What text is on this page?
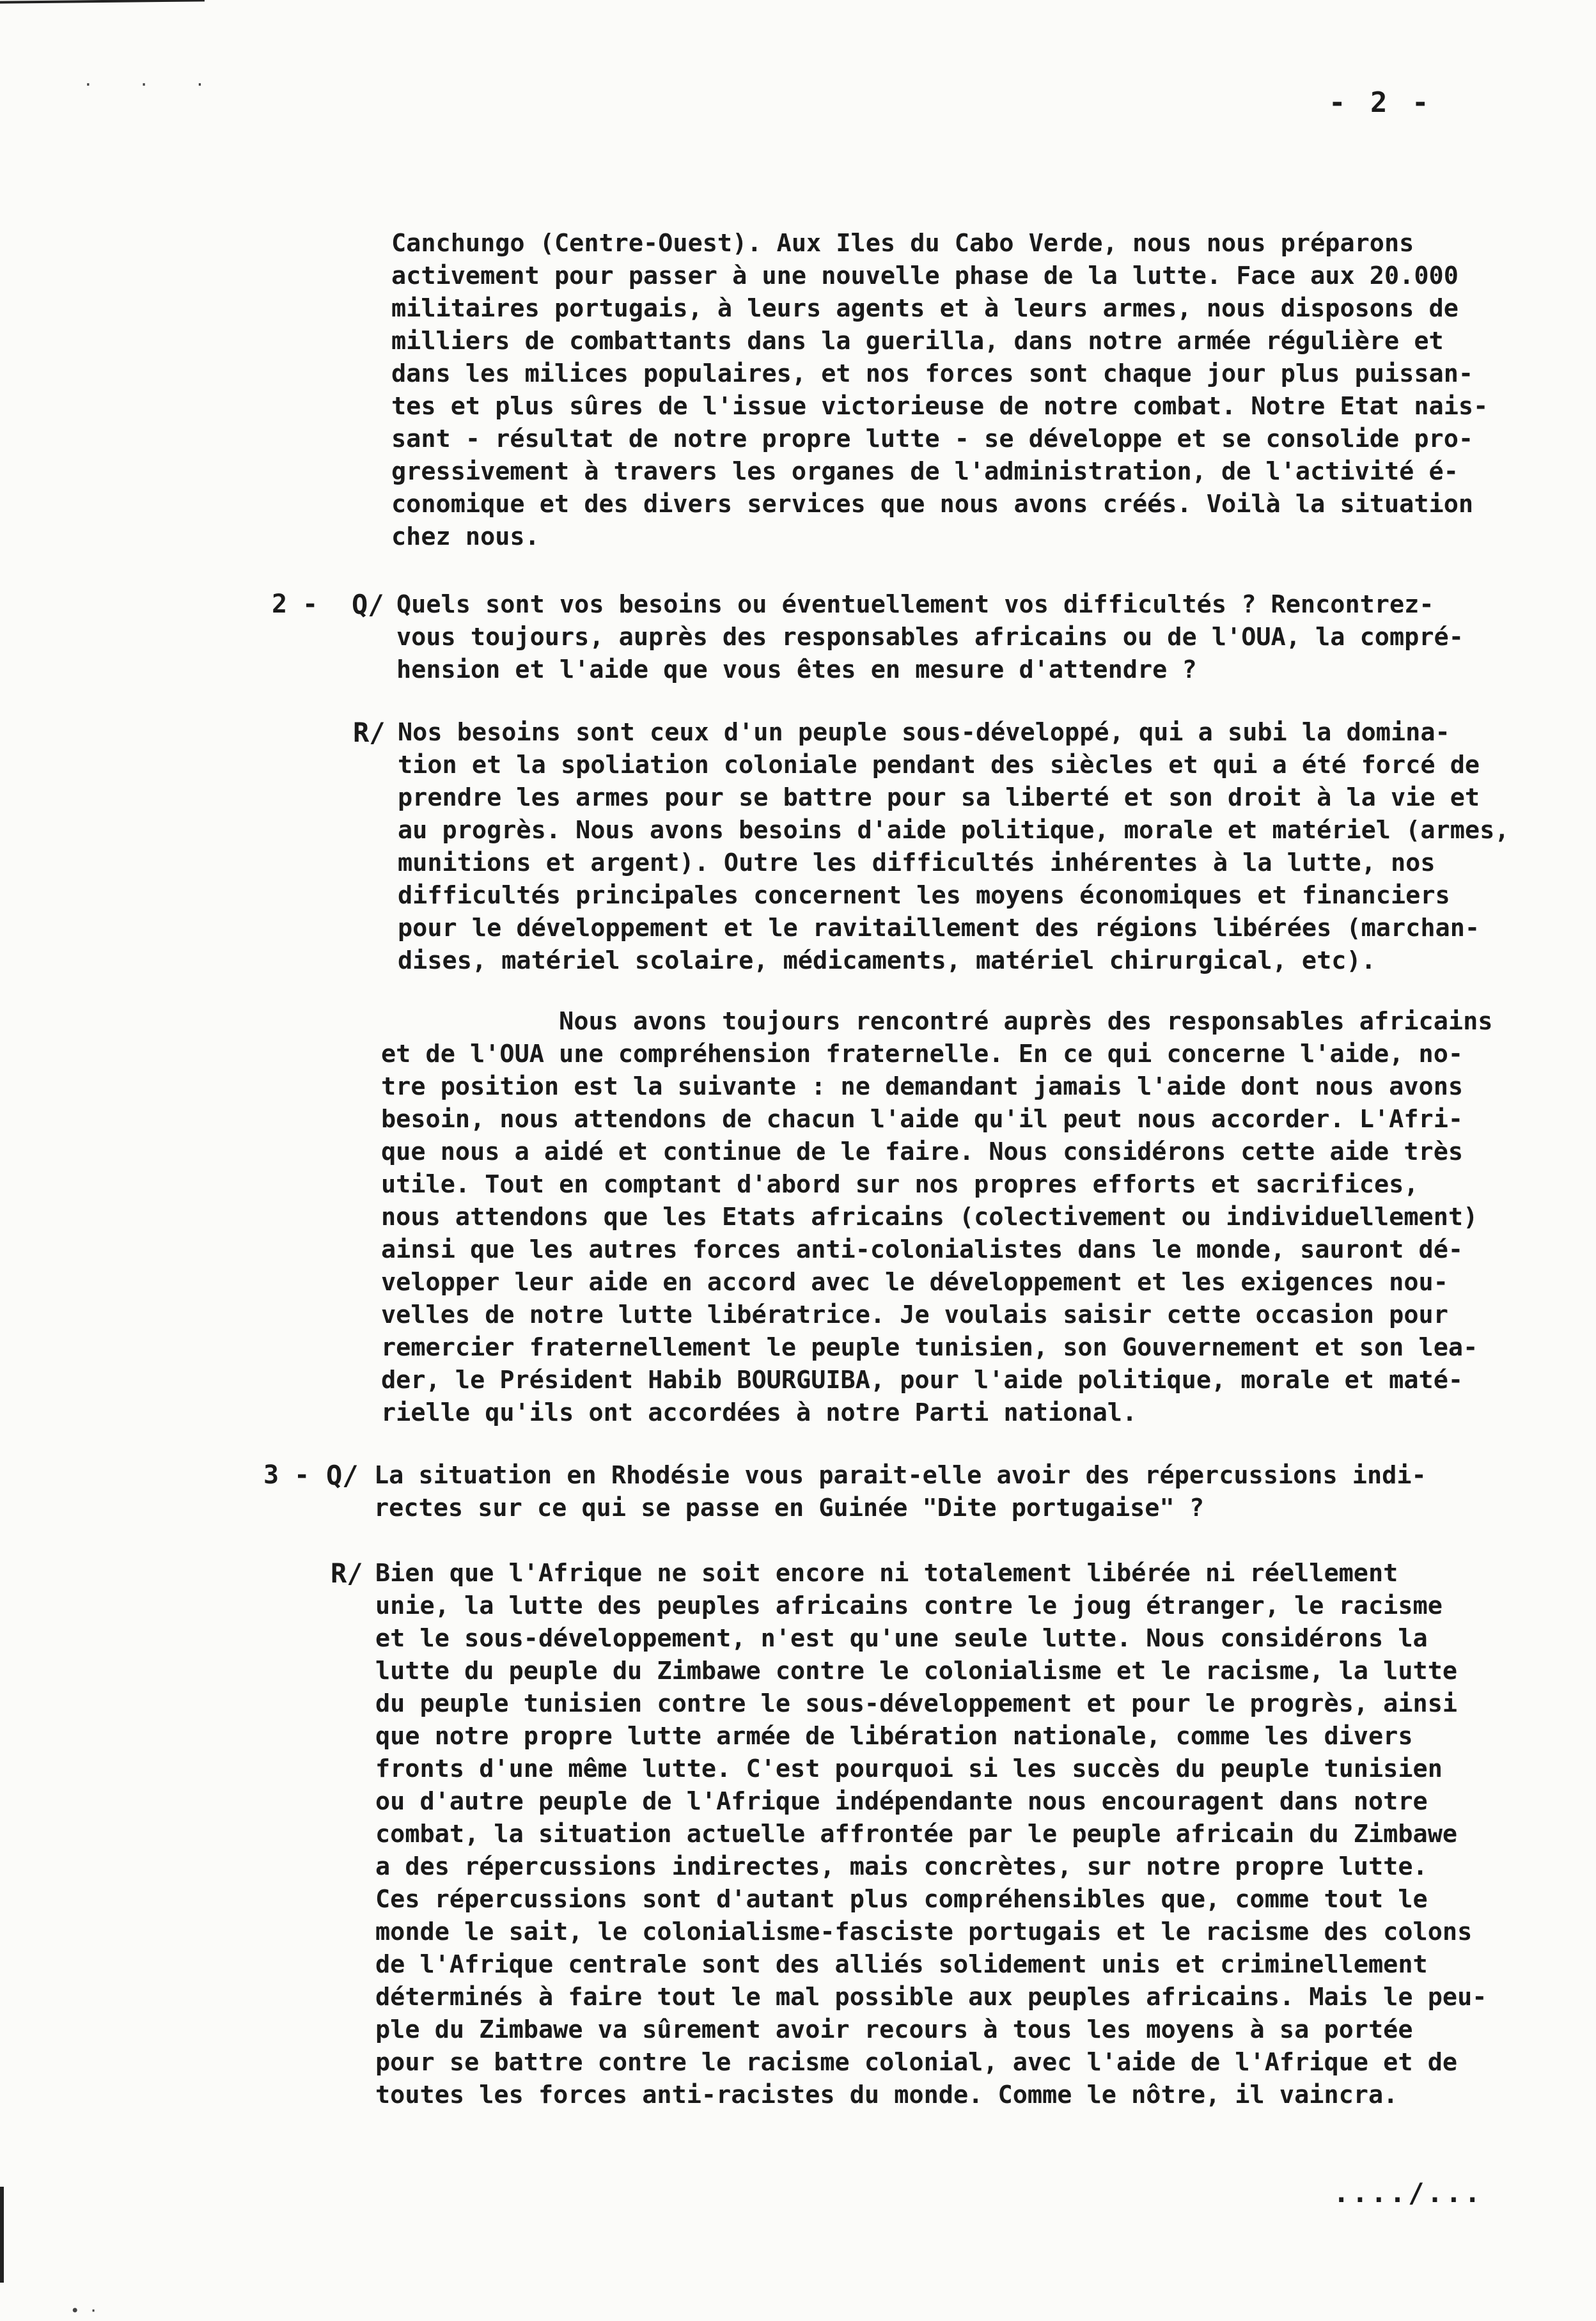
· · ·
• ·
- 2 -

Canchungo (Centre-Ouest). Aux Iles du Cabo Verde, nous nous préparons
activement pour passer à une nouvelle phase de la lutte. Face aux 20.000
militaires portugais, à leurs agents et à leurs armes, nous disposons de
milliers de combattants dans la guerilla, dans notre armée régulière et
dans les milices populaires, et nos forces sont chaque jour plus puissan-
tes et plus sûres de l'issue victorieuse de notre combat. Notre Etat nais-
sant - résultat de notre propre lutte - se développe et se consolide pro-
gressivement à travers les organes de l'administration, de l'activité é-
conomique et des divers services que nous avons créés. Voilà la situation
chez nous.

2 - Q/ Quels sont vos besoins ou éventuellement vos difficultés ? Rencontrez-
vous toujours, auprès des responsables africains ou de l'OUA, la compré-
hension et l'aide que vous êtes en mesure d'attendre ?

R/ Nos besoins sont ceux d'un peuple sous-développé, qui a subi la domina-
tion et la spoliation coloniale pendant des siècles et qui a été forcé de
prendre les armes pour se battre pour sa liberté et son droit à la vie et
au progrès. Nous avons besoins d'aide politique, morale et matériel (armes,
munitions et argent). Outre les difficultés inhérentes à la lutte, nos
difficultés principales concernent les moyens économiques et financiers
pour le développement et le ravitaillement des régions libérées (marchan-
dises, matériel scolaire, médicaments, matériel chirurgical, etc).

Nous avons toujours rencontré auprès des responsables africains
et de l'OUA une compréhension fraternelle. En ce qui concerne l'aide, no-
tre position est la suivante : ne demandant jamais l'aide dont nous avons
besoin, nous attendons de chacun l'aide qu'il peut nous accorder. L'Afri-
que nous a aidé et continue de le faire. Nous considérons cette aide très
utile. Tout en comptant d'abord sur nos propres efforts et sacrifices,
nous attendons que les Etats africains (colectivement ou individuellement)
ainsi que les autres forces anti-colonialistes dans le monde, sauront dé-
velopper leur aide en accord avec le développement et les exigences nou-
velles de notre lutte libératrice. Je voulais saisir cette occasion pour
remercier fraternellement le peuple tunisien, son Gouvernement et son lea-
der, le Président Habib BOURGUIBA, pour l'aide politique, morale et maté-
rielle qu'ils ont accordées à notre Parti national.

3 - Q/ La situation en Rhodésie vous parait-elle avoir des répercussions indi-
rectes sur ce qui se passe en Guinée "Dite portugaise" ?

R/ Bien que l'Afrique ne soit encore ni totalement libérée ni réellement
unie, la lutte des peuples africains contre le joug étranger, le racisme
et le sous-développement, n'est qu'une seule lutte. Nous considérons la
lutte du peuple du Zimbawe contre le colonialisme et le racisme, la lutte
du peuple tunisien contre le sous-développement et pour le progrès, ainsi
que notre propre lutte armée de libération nationale, comme les divers
fronts d'une même lutte. C'est pourquoi si les succès du peuple tunisien
ou d'autre peuple de l'Afrique indépendante nous encouragent dans notre
combat, la situation actuelle affrontée par le peuple africain du Zimbawe
a des répercussions indirectes, mais concrètes, sur notre propre lutte.
Ces répercussions sont d'autant plus compréhensibles que, comme tout le
monde le sait, le colonialisme-fasciste portugais et le racisme des colons
de l'Afrique centrale sont des alliés solidement unis et criminellement
déterminés à faire tout le mal possible aux peuples africains. Mais le peu-
ple du Zimbawe va sûrement avoir recours à tous les moyens à sa portée
pour se battre contre le racisme colonial, avec l'aide de l'Afrique et de
toutes les forces anti-racistes du monde. Comme le nôtre, il vaincra.

..../...
